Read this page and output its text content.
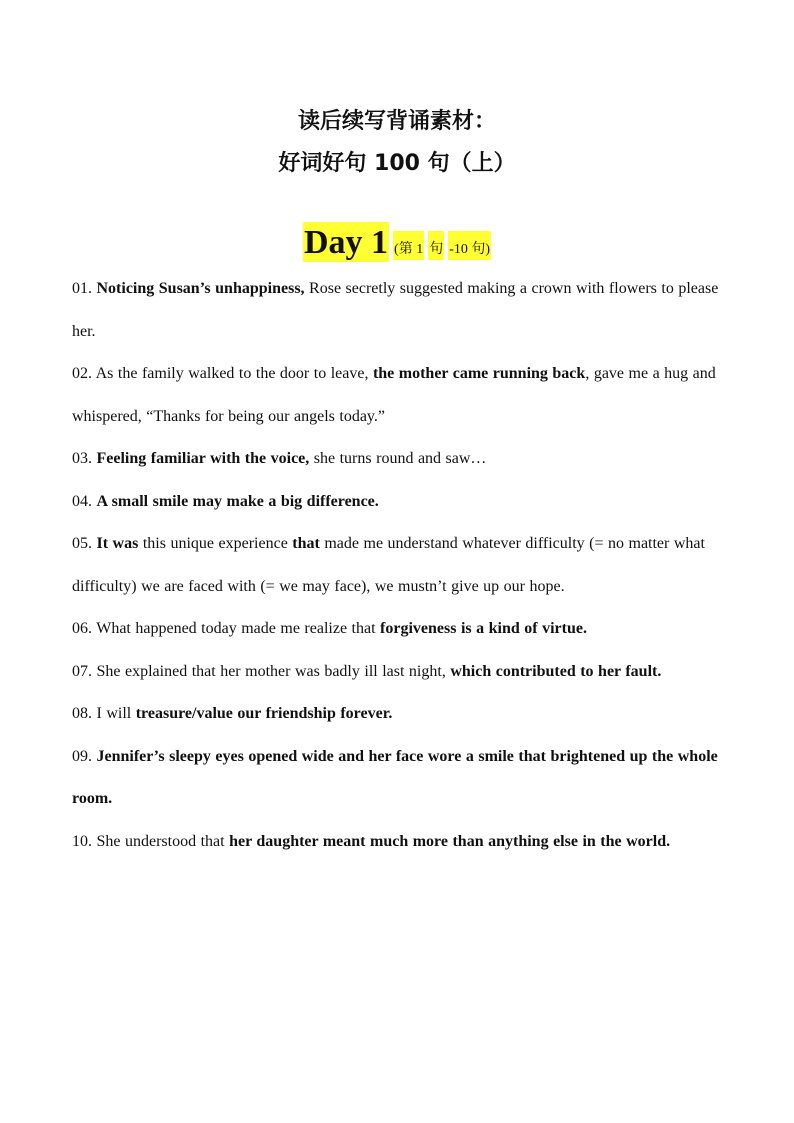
读后续写背诵素材：
好词好句 100 句（上）
Day 1 (第 1 句 -10 句)

01. Noticing Susan’s unhappiness, Rose secretly suggested making a crown with flowers to please her.

02. As the family walked to the door to leave, the mother came running back, gave me a hug and whispered, “Thanks for being our angels today.”

03. Feeling familiar with the voice, she turns round and saw…

04. A small smile may make a big difference.

05. It was this unique experience that made me understand whatever difficulty (= no matter what difficulty) we are faced with (= we may face), we mustn’t give up our hope.

06. What happened today made me realize that forgiveness is a kind of virtue.

07. She explained that her mother was badly ill last night, which contributed to her fault.

08. I will treasure/value our friendship forever.

09. Jennifer’s sleepy eyes opened wide and her face wore a smile that brightened up the whole room.

10. She understood that her daughter meant much more than anything else in the world.
